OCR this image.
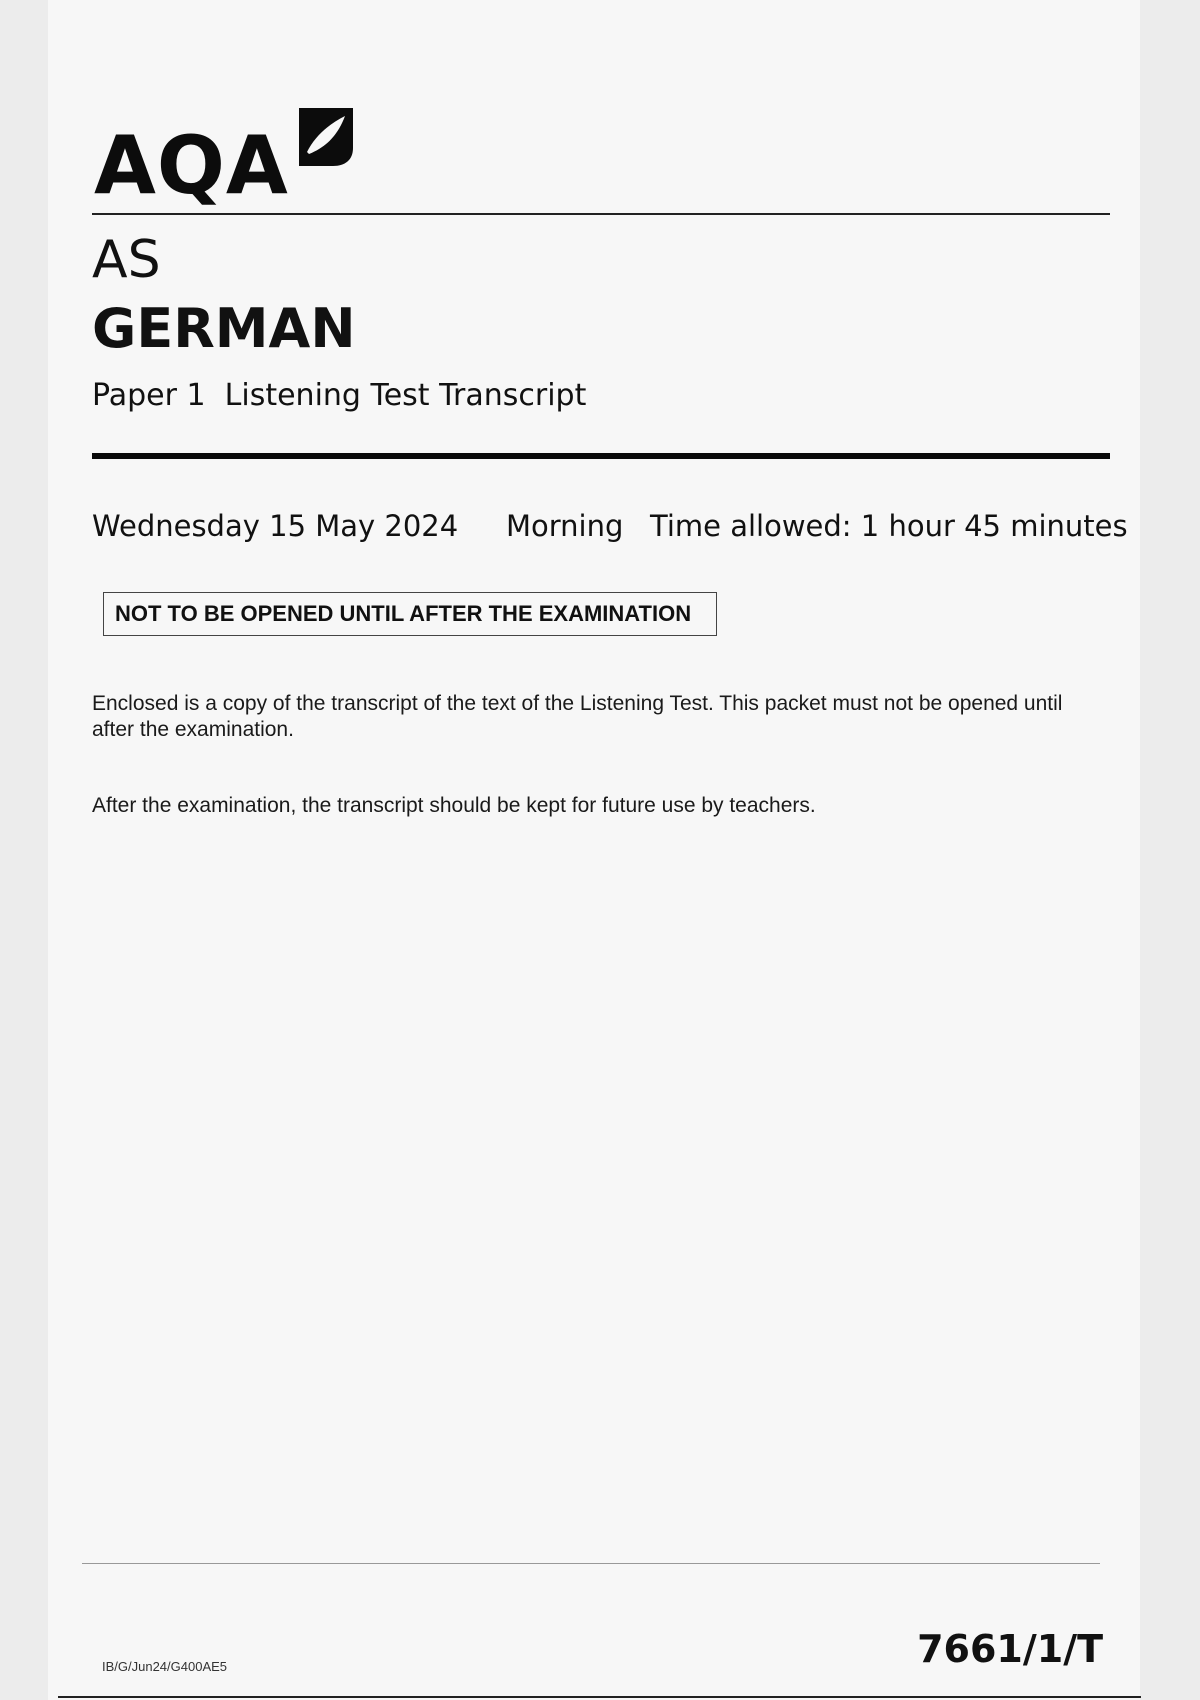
AQA
AS
GERMAN
Paper 1  Listening Test Transcript
Wednesday 15 May 2024 Morning Time allowed: 1 hour 45 minutes
NOT TO BE OPENED UNTIL AFTER THE EXAMINATION
Enclosed is a copy of the transcript of the text of the Listening Test. This packet must not be opened until after the examination.
After the examination, the transcript should be kept for future use by teachers.
IB/G/Jun24/G400AE5	7661/1/T
